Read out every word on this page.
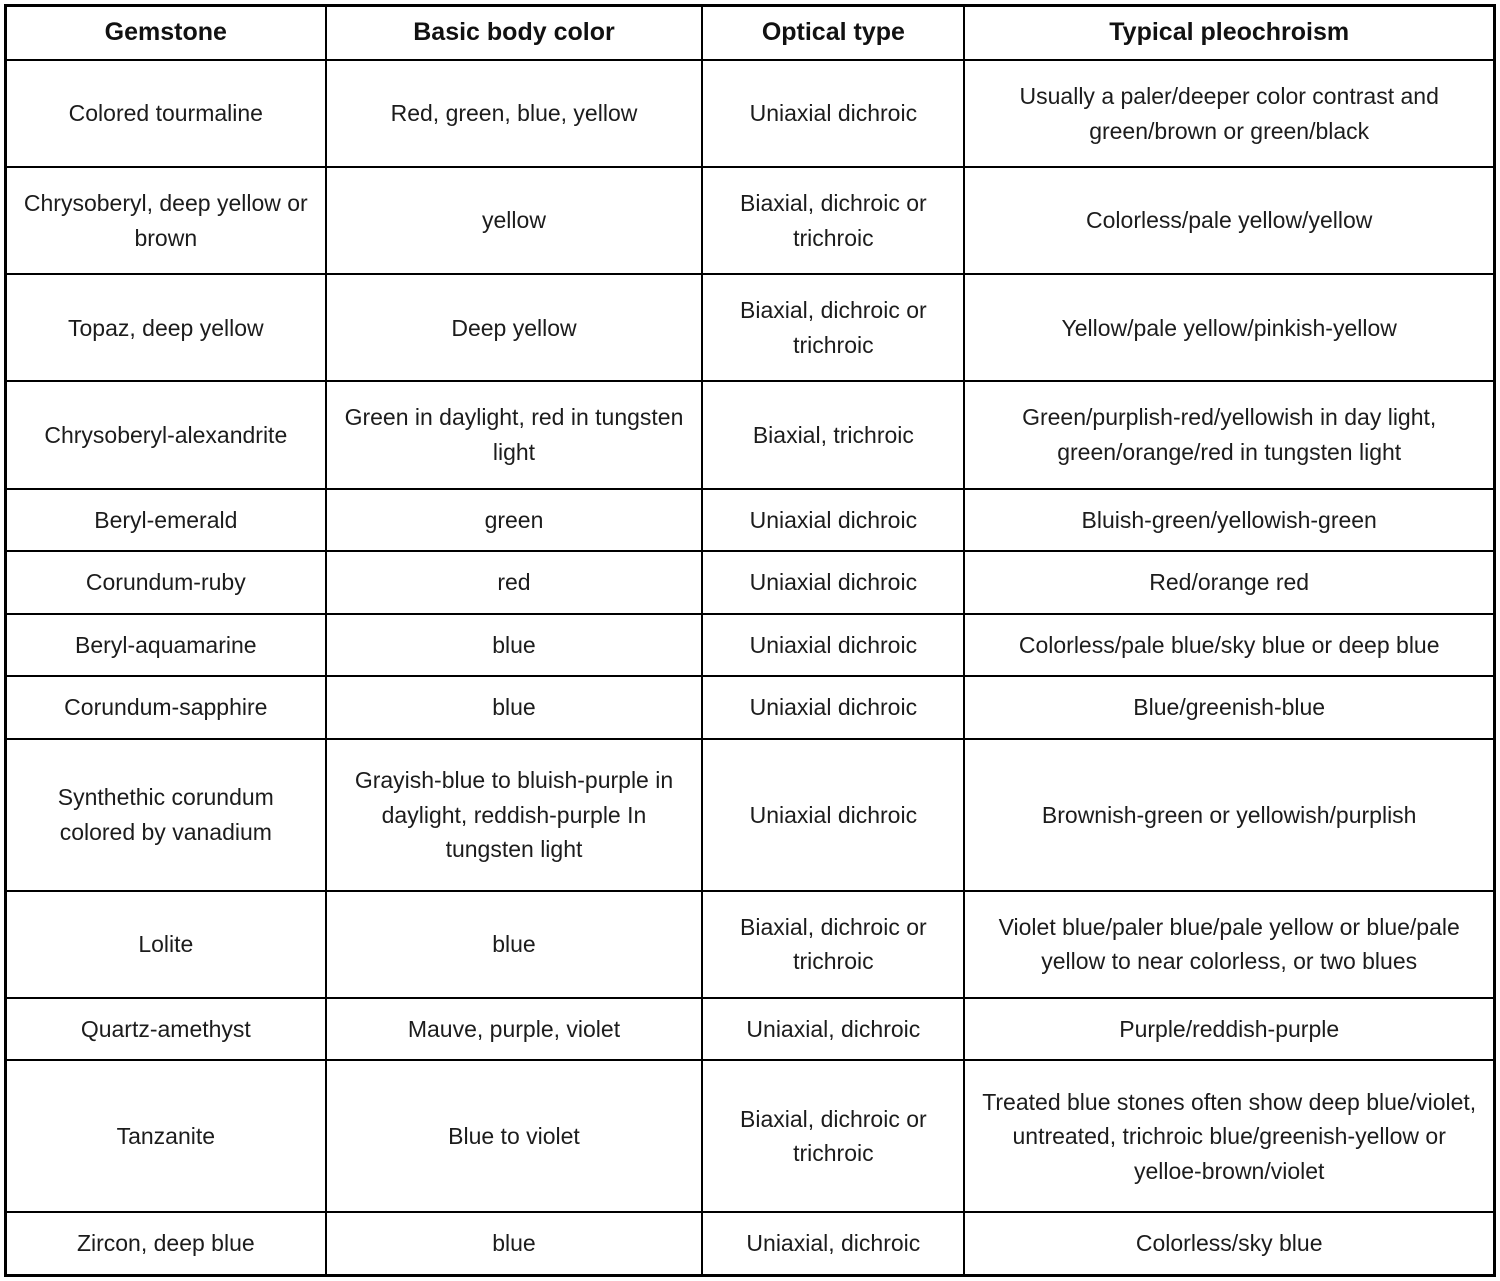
Gemstone	Basic body color	Optical type	Typical pleochroism
Colored tourmaline	Red, green, blue, yellow	Uniaxial dichroic	Usually a paler/deeper color contrast and green/brown or green/black
Chrysoberyl, deep yellow or brown	yellow	Biaxial, dichroic or trichroic	Colorless/pale yellow/yellow
Topaz, deep yellow	Deep yellow	Biaxial, dichroic or trichroic	Yellow/pale yellow/pinkish-yellow
Chrysoberyl-alexandrite	Green in daylight, red in tungsten light	Biaxial, trichroic	Green/purplish-red/yellowish in day light, green/orange/red in tungsten light
Beryl-emerald	green	Uniaxial dichroic	Bluish-green/yellowish-green
Corundum-ruby	red	Uniaxial dichroic	Red/orange red
Beryl-aquamarine	blue	Uniaxial dichroic	Colorless/pale blue/sky blue or deep blue
Corundum-sapphire	blue	Uniaxial dichroic	Blue/greenish-blue
Synthethic corundum colored by vanadium	Grayish-blue to bluish-purple in daylight, reddish-purple In tungsten light	Uniaxial dichroic	Brownish-green or yellowish/purplish
Lolite	blue	Biaxial, dichroic or trichroic	Violet blue/paler blue/pale yellow or blue/pale yellow to near colorless, or two blues
Quartz-amethyst	Mauve, purple, violet	Uniaxial, dichroic	Purple/reddish-purple
Tanzanite	Blue to violet	Biaxial, dichroic or trichroic	Treated blue stones often show deep blue/violet, untreated, trichroic blue/greenish-yellow or yelloe-brown/violet
Zircon, deep blue	blue	Uniaxial, dichroic	Colorless/sky blue
